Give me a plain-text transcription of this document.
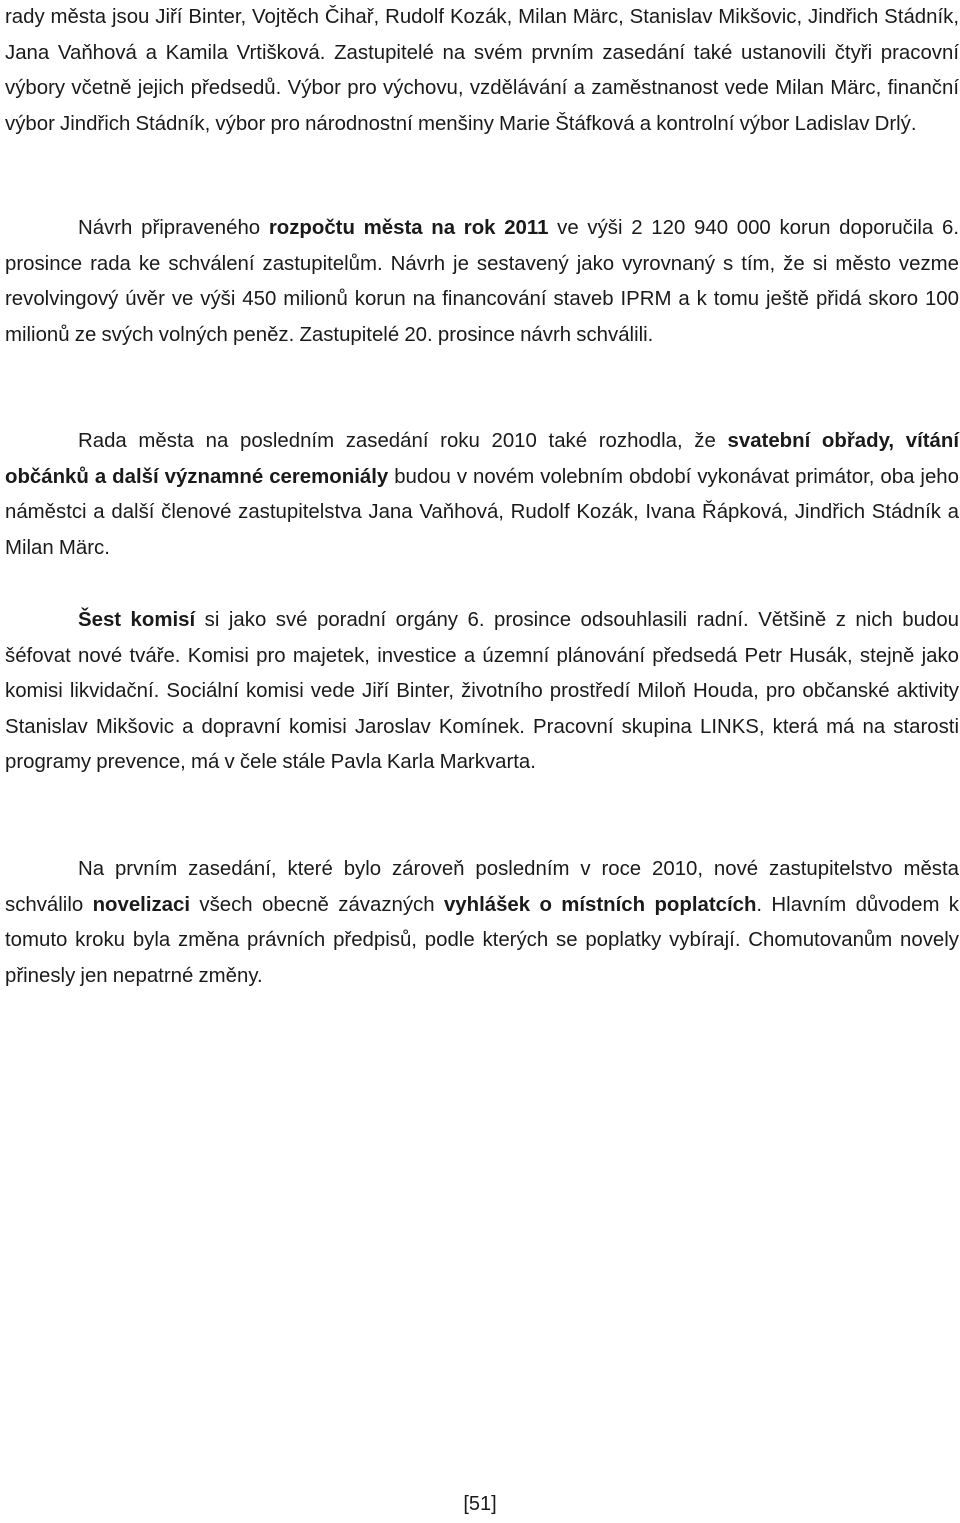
rady města jsou Jiří Binter, Vojtěch Čihař, Rudolf Kozák, Milan Märc, Stanislav Mikšovic, Jindřich Stádník, Jana Vaňhová a Kamila Vrtišková. Zastupitelé na svém prvním zasedání také ustanovili čtyři pracovní výbory včetně jejich předsedů. Výbor pro výchovu, vzdělávání a zaměstnanost vede Milan Märc, finanční výbor Jindřich Stádník, výbor pro národnostní menšiny Marie Štáfková a kontrolní výbor Ladislav Drlý.

Návrh připraveného rozpočtu města na rok 2011 ve výši 2 120 940 000 korun doporučila 6. prosince rada ke schválení zastupitelům. Návrh je sestavený jako vyrovnaný s tím, že si město vezme revolvingový úvěr ve výši 450 milionů korun na financování staveb IPRM a k tomu ještě přidá skoro 100 milionů ze svých volných peněz. Zastupitelé 20. prosince návrh schválili.

Rada města na posledním zasedání roku 2010 také rozhodla, že svatební obřady, vítání občánků a další významné ceremoniály budou v novém volebním období vykonávat primátor, oba jeho náměstci a další členové zastupitelstva Jana Vaňhová, Rudolf Kozák, Ivana Řápková, Jindřich Stádník a Milan Märc.

Šest komisí si jako své poradní orgány 6. prosince odsouhlasili radní. Většině z nich budou šéfovat nové tváře. Komisi pro majetek, investice a územní plánování předsedá Petr Husák, stejně jako komisi likvidační. Sociální komisi vede Jiří Binter, životního prostředí Miloň Houda, pro občanské aktivity Stanislav Mikšovic a dopravní komisi Jaroslav Komínek. Pracovní skupina LINKS, která má na starosti programy prevence, má v čele stále Pavla Karla Markvarta.

Na prvním zasedání, které bylo zároveň posledním v roce 2010, nové zastupitelstvo města schválilo novelizaci všech obecně závazných vyhlášek o místních poplatcích. Hlavním důvodem k tomuto kroku byla změna právních předpisů, podle kterých se poplatky vybírají. Chomutovanům novely přinesly jen nepatrné změny.

[51]
